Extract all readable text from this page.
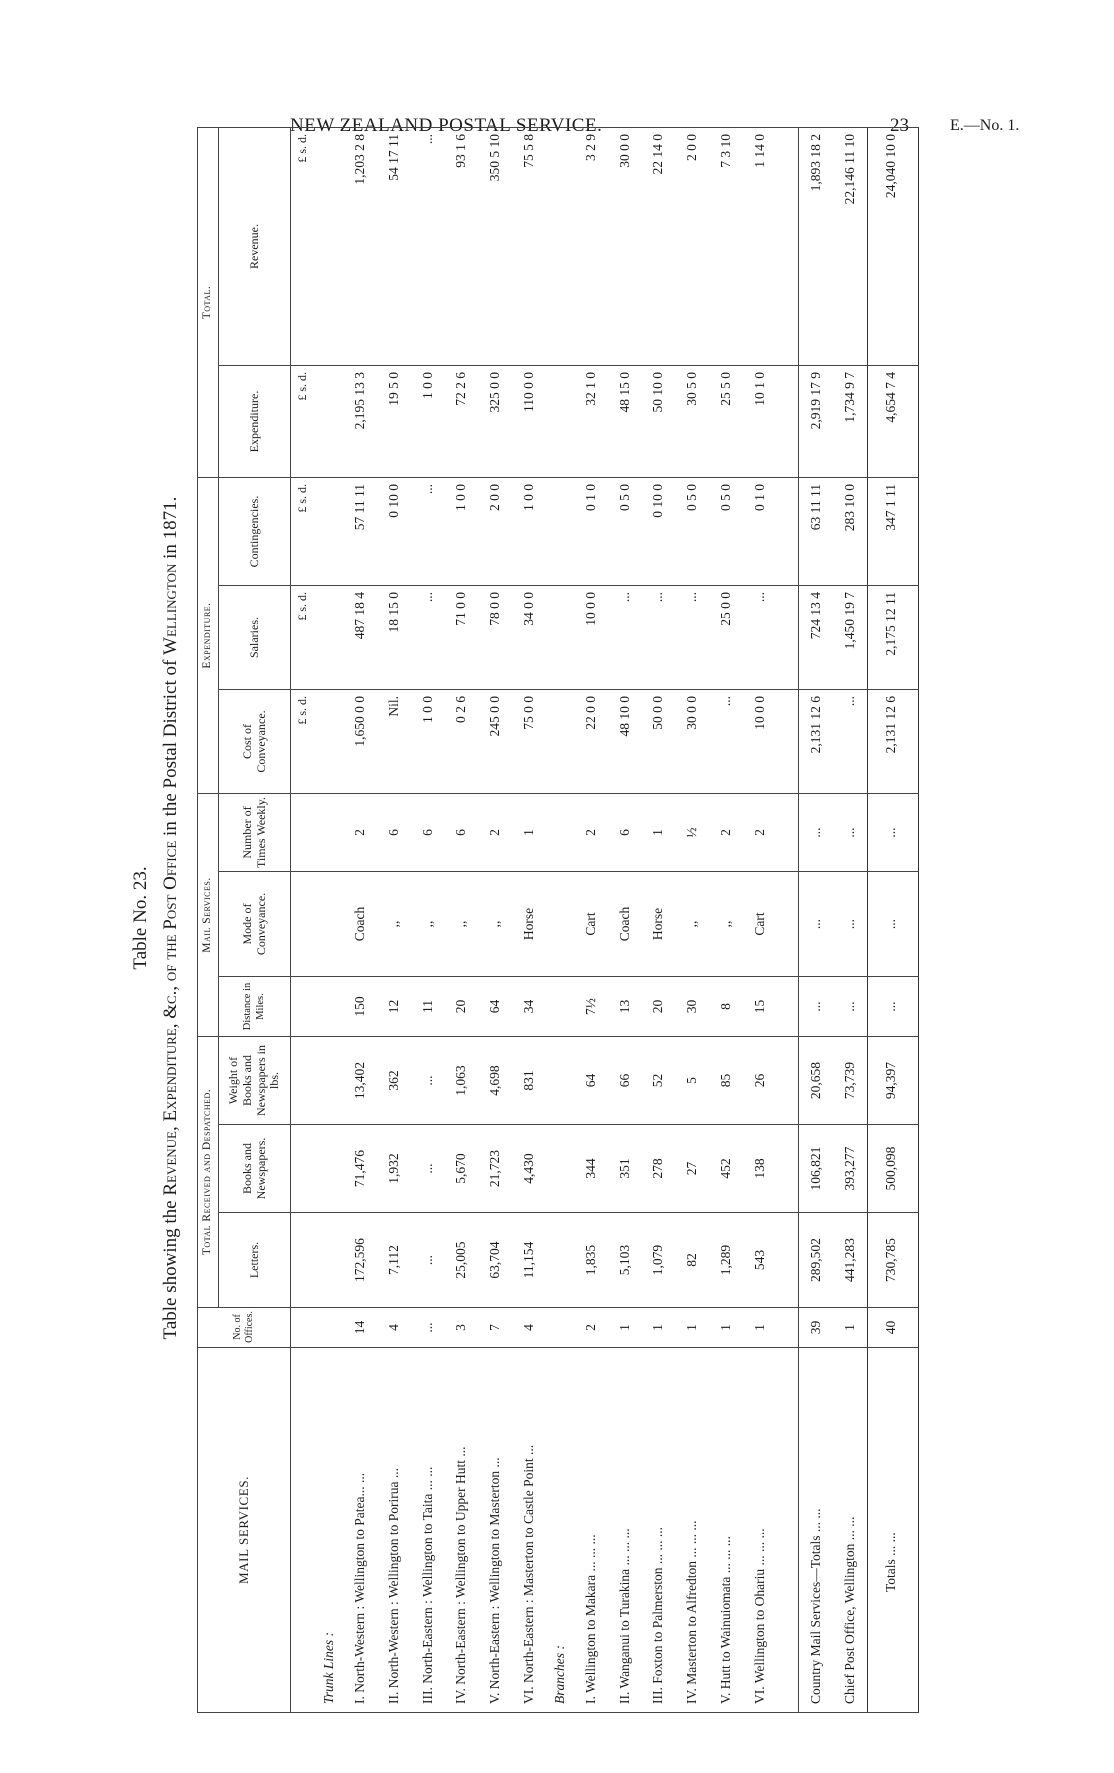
NEW ZEALAND POSTAL SERVICE.	23	E.—No. 1.
Table No. 23.
Table showing the Revenue, Expenditure, &c., of the Post Office in the Postal District of Wellington in 1871.
MAIL SERVICES.	No. of Offices.	Total Received and Despatched.			Mail Services.			Expenditure.			Total.	
		Letters.	Books and Newspapers.	Weight of Books and Newspapers in lbs.	Distance in Miles.	Mode of Conveyance.	Number of Times Weekly.	Cost of Conveyance.	Salaries.	Contingencies.	Expenditure.	Revenue.
								£ s. d.	£ s. d.	£ s. d.	£ s. d.	£ s. d.
Trunk Lines :												
I. North-Western : Wellington to Patea... ...	14	172,596	71,476	13,402	150	Coach	2	1,650 0 0	487 18 4	57 11 11	2,195 13 3	1,203 2 8
II. North-Western : Wellington to Porirua ...	4	7,112	1,932	362	12	,,	6	Nil.	18 15 0	0 10 0	19 5 0	54 17 11
III. North-Eastern : Wellington to Taita ... ...	...	...	...	...	11	,,	6	1 0 0	...	...	1 0 0	...
IV. North-Eastern : Wellington to Upper Hutt ...	3	25,005	5,670	1,063	20	,,	6	0 2 6	71 0 0	1 0 0	72 2 6	93 1 6
V. North-Eastern : Wellington to Masterton ...	7	63,704	21,723	4,698	64	,,	2	245 0 0	78 0 0	2 0 0	325 0 0	350 5 10
VI. North-Eastern : Masterton to Castle Point ...	4	11,154	4,430	831	34	Horse	1	75 0 0	34 0 0	1 0 0	110 0 0	75 5 8
Branches :												
I. Wellington to Makara ... ... ...	2	1,835	344	64	7½	Cart	2	22 0 0	10 0 0	0 1 0	32 1 0	3 2 9
II. Wanganui to Turakina ... ... ...	1	5,103	351	66	13	Coach	6	48 10 0	...	0 5 0	48 15 0	30 0 0
III. Foxton to Palmerston ... ... ...	1	1,079	278	52	20	Horse	1	50 0 0	...	0 10 0	50 10 0	22 14 0
IV. Masterton to Alfredton ... ... ...	1	82	27	5	30	,,	½	30 0 0	...	0 5 0	30 5 0	2 0 0
V. Hutt to Wainuiomata ... ... ...	1	1,289	452	85	8	,,	2	...	25 0 0	0 5 0	25 5 0	7 3 10
VI. Wellington to Ohariu ... ... ...	1	543	138	26	15	Cart	2	10 0 0	...	0 1 0	10 1 0	1 14 0

Country Mail Services—Totals ... ...	39	289,502	106,821	20,658	...	...	...	2,131 12 6	724 13 4	63 11 11	2,919 17 9	1,893 18 2
Chief Post Office, Wellington ... ...	1	441,283	393,277	73,739	...	...	...	...	1,450 19 7	283 10 0	1,734 9 7	22,146 11 10
Totals ... ...	40	730,785	500,098	94,397	...	...	...	2,131 12 6	2,175 12 11	347 1 11	4,654 7 4	24,040 10 0
